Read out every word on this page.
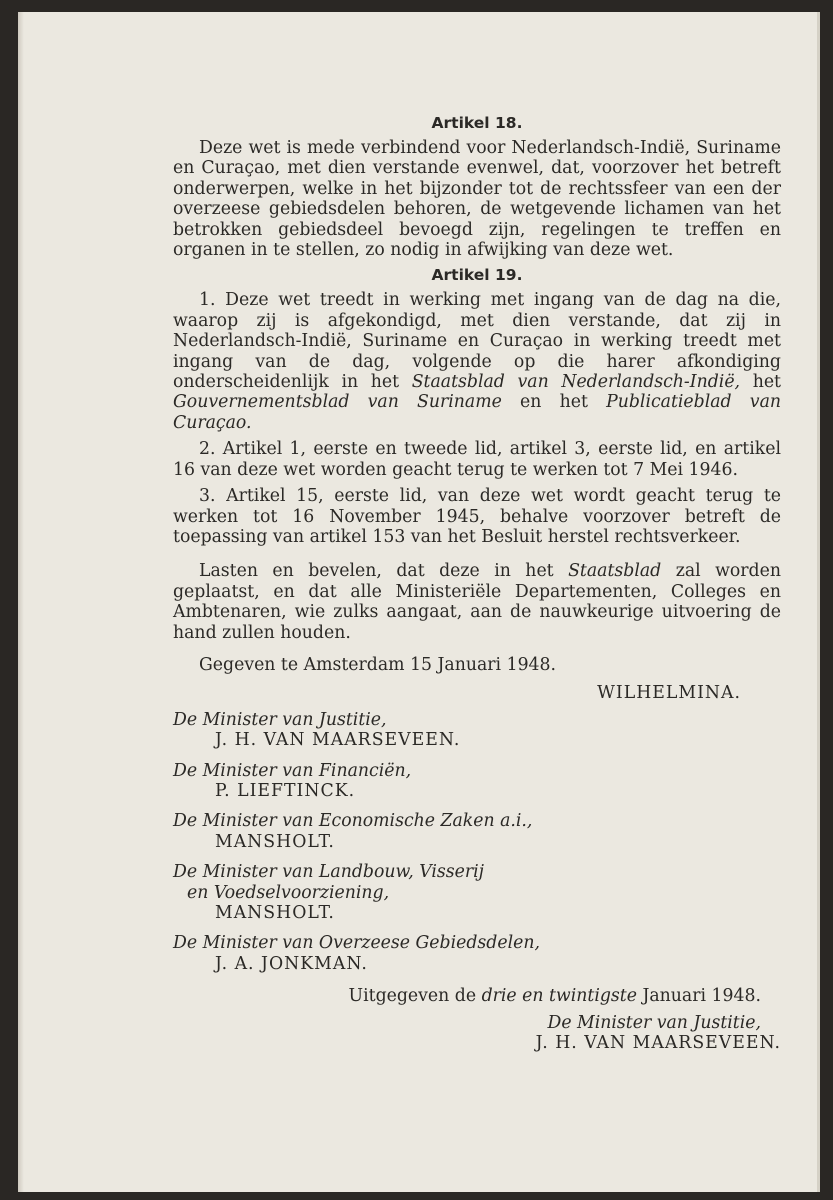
Artikel 18.

Deze wet is mede verbindend voor Nederlandsch-Indië, Suriname en Curaçao, met dien verstande evenwel, dat, voorzover het betreft onderwerpen, welke in het bijzonder tot de rechtssfeer van een der overzeese gebiedsdelen behoren, de wetgevende lichamen van het betrokken gebiedsdeel bevoegd zijn, regelingen te treffen en organen in te stellen, zo nodig in afwijking van deze wet.

Artikel 19.

1. Deze wet treedt in werking met ingang van de dag na die, waarop zij is afgekondigd, met dien verstande, dat zij in Nederlandsch-Indië, Suriname en Curaçao in werking treedt met ingang van de dag, volgende op die harer afkondiging onderscheidenlijk in het Staatsblad van Nederlandsch-Indië, het Gouvernementsblad van Suriname en het Publicatieblad van Curaçao.

2. Artikel 1, eerste en tweede lid, artikel 3, eerste lid, en artikel 16 van deze wet worden geacht terug te werken tot 7 Mei 1946.

3. Artikel 15, eerste lid, van deze wet wordt geacht terug te werken tot 16 November 1945, behalve voorzover betreft de toepassing van artikel 153 van het Besluit herstel rechtsverkeer.

Lasten en bevelen, dat deze in het Staatsblad zal worden geplaatst, en dat alle Ministeriële Departementen, Colleges en Ambtenaren, wie zulks aangaat, aan de nauwkeurige uitvoering de hand zullen houden.

Gegeven te Amsterdam 15 Januari 1948.

WILHELMINA.
De Minister van Justitie,
J. H. VAN MAARSEVEEN.
De Minister van Financiën,
P. LIEFTINCK.
De Minister van Economische Zaken a.i.,
MANSHOLT.
De Minister van Landbouw, Visserij
en Voedselvoorziening,
MANSHOLT.
De Minister van Overzeese Gebiedsdelen,
J. A. JONKMAN.
Uitgegeven de drie en twintigste Januari 1948.
De Minister van Justitie,
J. H. VAN MAARSEVEEN.
